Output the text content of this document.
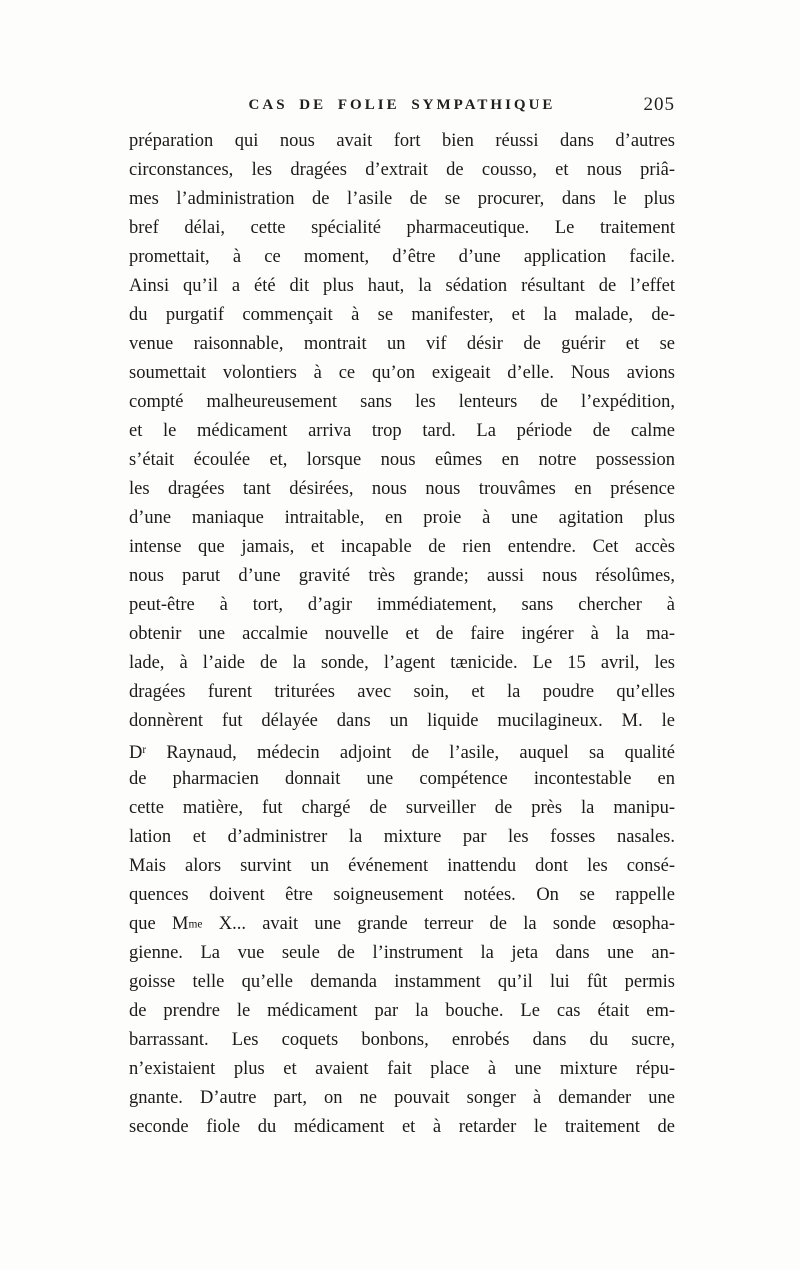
CAS DE FOLIE SYMPATHIQUE	205
préparation qui nous avait fort bien réussi dans d’autres
circonstances, les dragées d’extrait de cousso, et nous priâ-
mes l’administration de l’asile de se procurer, dans le plus
bref délai, cette spécialité pharmaceutique. Le traitement
promettait, à ce moment, d’être d’une application facile.
Ainsi qu’il a été dit plus haut, la sédation résultant de l’effet
du purgatif commençait à se manifester, et la malade, de-
venue raisonnable, montrait un vif désir de guérir et se
soumettait volontiers à ce qu’on exigeait d’elle. Nous avions
compté malheureusement sans les lenteurs de l’expédition,
et le médicament arriva trop tard. La période de calme
s’était écoulée et, lorsque nous eûmes en notre possession
les dragées tant désirées, nous nous trouvâmes en présence
d’une maniaque intraitable, en proie à une agitation plus
intense que jamais, et incapable de rien entendre. Cet accès
nous parut d’une gravité très grande; aussi nous résolûmes,
peut-être à tort, d’agir immédiatement, sans chercher à
obtenir une accalmie nouvelle et de faire ingérer à la ma-
lade, à l’aide de la sonde, l’agent tænicide. Le 15 avril, les
dragées furent triturées avec soin, et la poudre qu’elles
donnèrent fut délayée dans un liquide mucilagineux. M. le
$D^r$ Raynaud, médecin adjoint de l’asile, auquel sa qualité
de pharmacien donnait une compétence incontestable en
cette matière, fut chargé de surveiller de près la manipu-
lation et d’administrer la mixture par les fosses nasales.
Mais alors survint un événement inattendu dont les consé-
quences doivent être soigneusement notées. On se rappelle
que Mme X... avait une grande terreur de la sonde œsopha-
gienne. La vue seule de l’instrument la jeta dans une an-
goisse telle qu’elle demanda instamment qu’il lui fût permis
de prendre le médicament par la bouche. Le cas était em-
barrassant. Les coquets bonbons, enrobés dans du sucre,
n’existaient plus et avaient fait place à une mixture répu-
gnante. D’autre part, on ne pouvait songer à demander une
seconde fiole du médicament et à retarder le traitement de
